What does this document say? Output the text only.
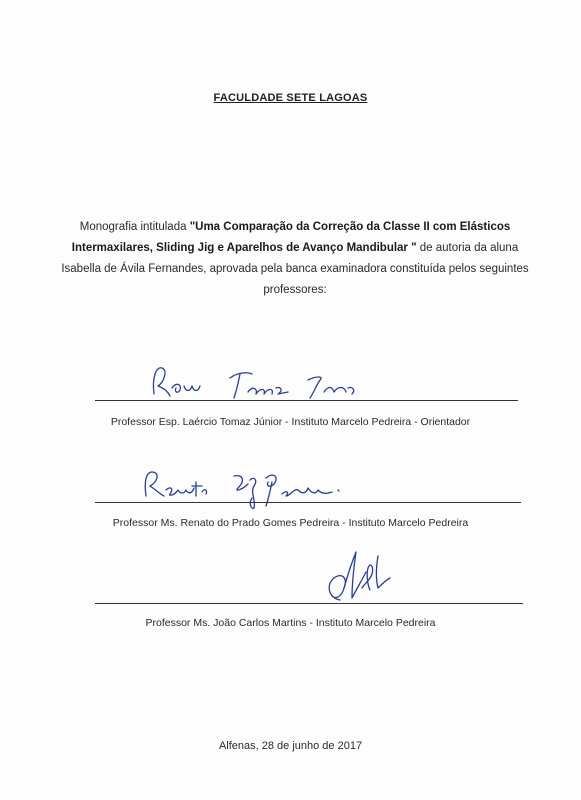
FACULDADE SETE LAGOAS
Monografia intitulada "Uma Comparação da Correção da Classe II com Elásticos Intermaxilares, Sliding Jig e Aparelhos de Avanço Mandibular " de autoria da aluna Isabella de Ávila Fernandes, aprovada pela banca examinadora constituída pelos seguintes professores:
Professor Esp. Laércio Tomaz Júnior - Instituto Marcelo Pedreira - Orientador
Professor Ms. Renato do Prado Gomes Pedreira - Instituto Marcelo Pedreira
Professor Ms. João Carlos Martins - Instituto Marcelo Pedreira
Alfenas, 28 de junho de 2017
